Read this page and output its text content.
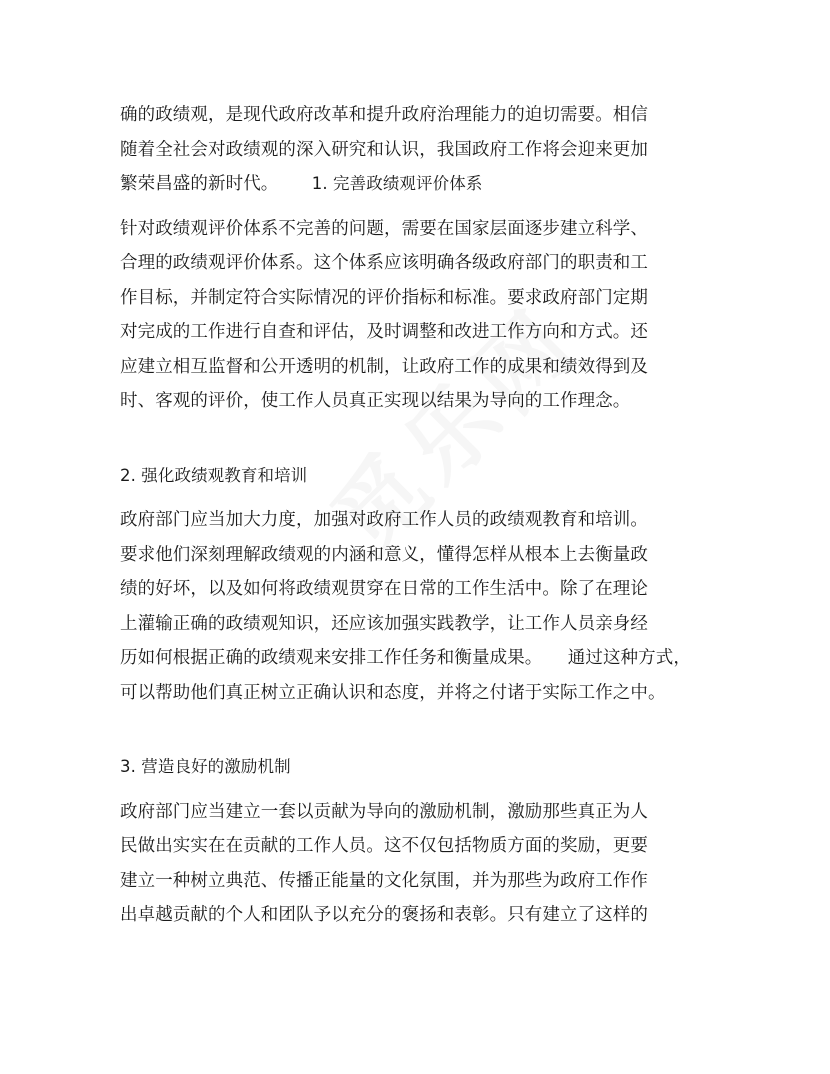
确的政绩观，是现代政府改革和提升政府治理能力的迫切需要。相信
随着全社会对政绩观的深入研究和认识，我国政府工作将会迎来更加
繁荣昌盛的新时代。 1. 完善政绩观评价体系
针对政绩观评价体系不完善的问题，需要在国家层面逐步建立科学、
合理的政绩观评价体系。这个体系应该明确各级政府部门的职责和工
作目标，并制定符合实际情况的评价指标和标准。要求政府部门定期
对完成的工作进行自查和评估，及时调整和改进工作方向和方式。还
应建立相互监督和公开透明的机制，让政府工作的成果和绩效得到及
时、客观的评价，使工作人员真正实现以结果为导向的工作理念。
2. 强化政绩观教育和培训
政府部门应当加大力度，加强对政府工作人员的政绩观教育和培训。
要求他们深刻理解政绩观的内涵和意义，懂得怎样从根本上去衡量政
绩的好坏，以及如何将政绩观贯穿在日常的工作生活中。除了在理论
上灌输正确的政绩观知识，还应该加强实践教学，让工作人员亲身经
历如何根据正确的政绩观来安排工作任务和衡量成果。 通过这种方式，
可以帮助他们真正树立正确认识和态度，并将之付诸于实际工作之中。
3. 营造良好的激励机制
政府部门应当建立一套以贡献为导向的激励机制，激励那些真正为人
民做出实实在在贡献的工作人员。这不仅包括物质方面的奖励，更要
建立一种树立典范、传播正能量的文化氛围，并为那些为政府工作作
出卓越贡献的个人和团队予以充分的褒扬和表彰。只有建立了这样的
